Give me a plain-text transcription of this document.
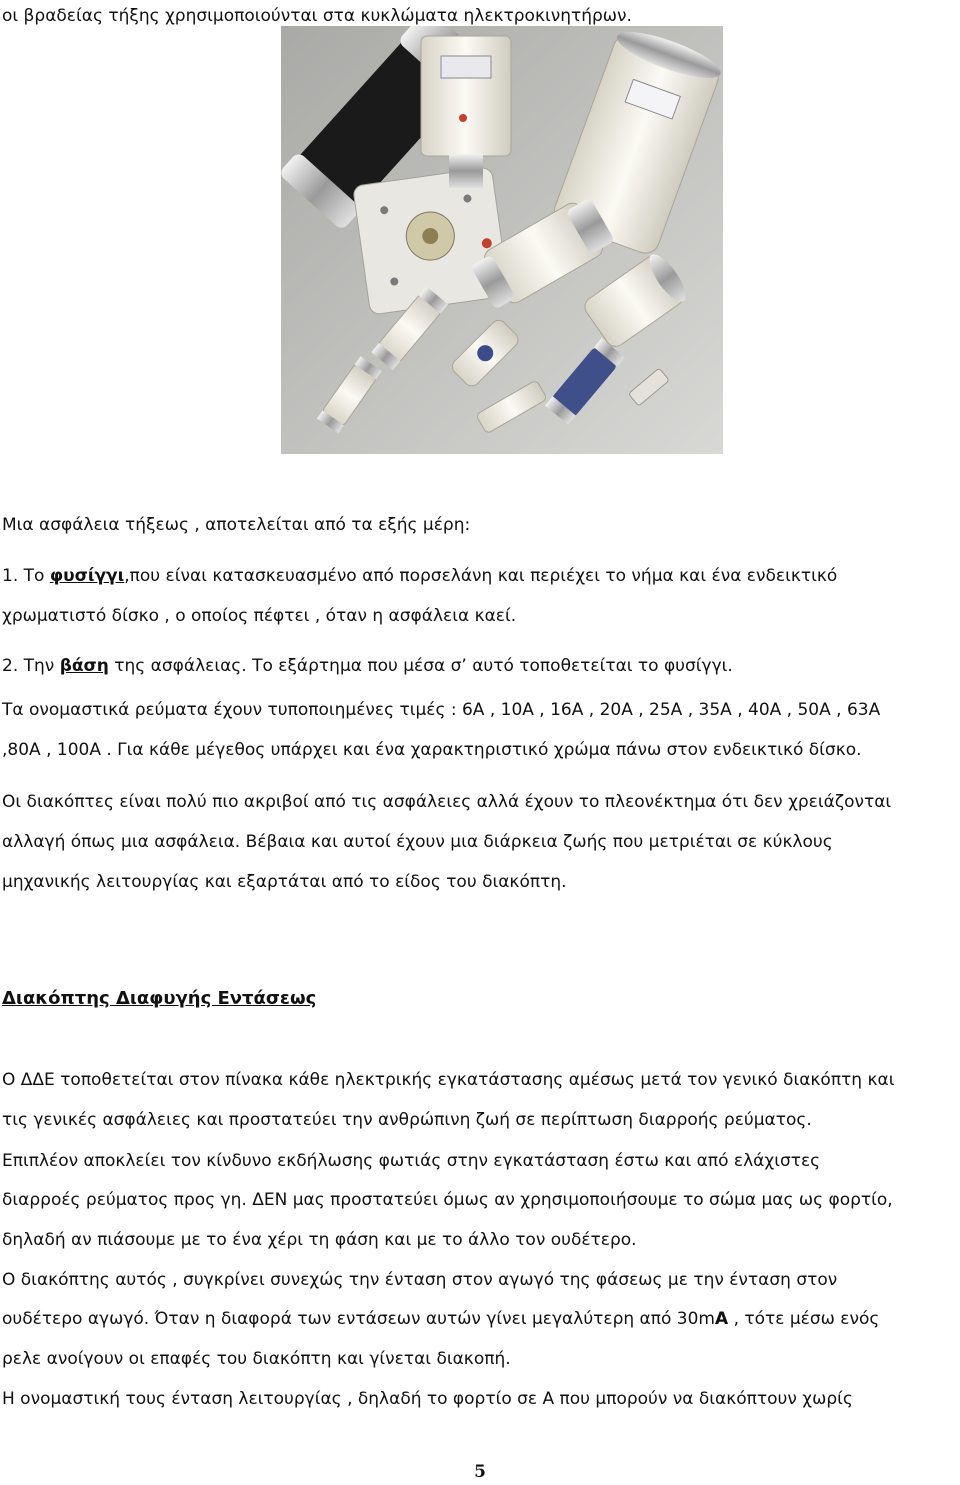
οι βραδείας τήξης χρησιμοποιούνται στα κυκλώματα ηλεκτροκινητήρων.
Μια ασφάλεια τήξεως , αποτελείται από τα εξής μέρη:
1. Το φυσίγγι,που είναι κατασκευασμένο από πορσελάνη και περιέχει το νήμα και ένα ενδεικτικό
χρωματιστό δίσκο , ο οποίος πέφτει , όταν η ασφάλεια καεί.
2. Την βάση της ασφάλειας. Το εξάρτημα που μέσα σ’ αυτό τοποθετείται το φυσίγγι.
Τα ονομαστικά ρεύματα έχουν τυποποιημένες τιμές : 6Α , 10Α , 16Α , 20Α , 25Α , 35Α , 40Α , 50Α , 63Α
,80Α , 100Α . Για κάθε μέγεθος υπάρχει και ένα χαρακτηριστικό χρώμα πάνω στον ενδεικτικό δίσκο.
Οι διακόπτες είναι πολύ πιο ακριβοί από τις ασφάλειες αλλά έχουν το πλεονέκτημα ότι δεν χρειάζονται
αλλαγή όπως μια ασφάλεια. Βέβαια και αυτοί έχουν μια διάρκεια ζωής που μετριέται σε κύκλους
μηχανικής λειτουργίας και εξαρτάται από το είδος του διακόπτη.
Διακόπτης Διαφυγής Εντάσεως
Ο ΔΔΕ τοποθετείται στον πίνακα κάθε ηλεκτρικής εγκατάστασης αμέσως μετά τον γενικό διακόπτη και
τις γενικές ασφάλειες και προστατεύει την ανθρώπινη ζωή σε περίπτωση διαρροής ρεύματος.
Επιπλέον αποκλείει τον κίνδυνο εκδήλωσης φωτιάς στην εγκατάσταση έστω και από ελάχιστες
διαρροές ρεύματος προς γη. ΔΕΝ μας προστατεύει όμως αν χρησιμοποιήσουμε το σώμα μας ως φορτίο,
δηλαδή αν πιάσουμε με το ένα χέρι τη φάση και με το άλλο τον ουδέτερο.
Ο διακόπτης αυτός , συγκρίνει συνεχώς την ένταση στον αγωγό της φάσεως με την ένταση στον
ουδέτερο αγωγό. Όταν η διαφορά των εντάσεων αυτών γίνει μεγαλύτερη από 30mA , τότε μέσω ενός
ρελε ανοίγουν οι επαφές του διακόπτη και γίνεται διακοπή.
Η ονομαστική τους ένταση λειτουργίας , δηλαδή το φορτίο σε Α που μπορούν να διακόπτουν χωρίς
5
